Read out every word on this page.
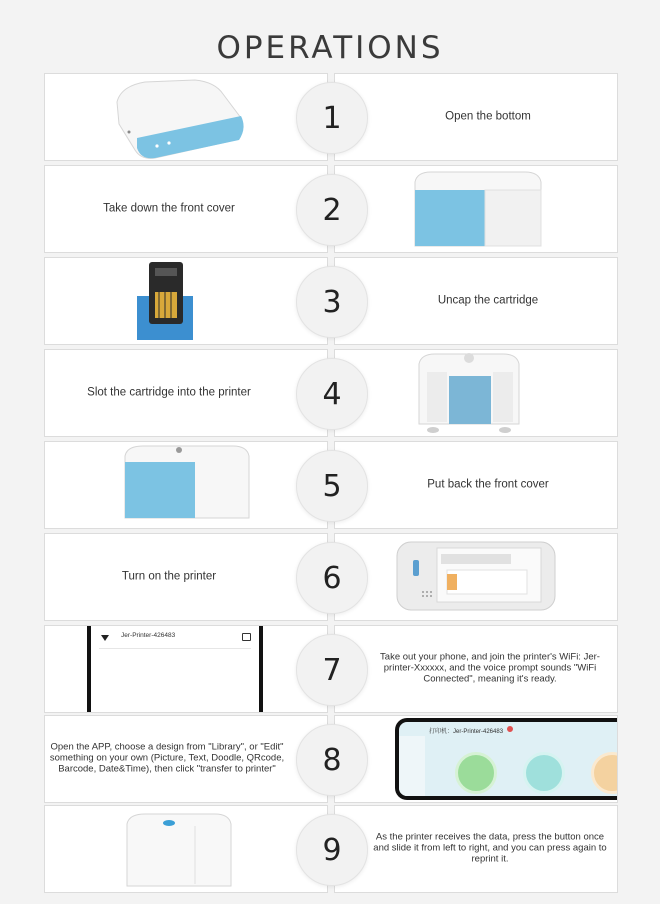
OPERATIONS
Open the bottom
1
Take down the front cover	2
Uncap the cartridge
3
Slot the cartridge into the printer	4
Put back the front cover
5
Turn on the printer	6
Jer-Printer-426483
Take out your phone, and join the printer's WiFi: Jer-printer-Xxxxxx, and the voice prompt sounds "WiFi Connected", meaning it's ready.
7
Open the APP, choose a design from "Library", or "Edit" something on your own (Picture, Text, Doodle, QRcode, Barcode, Date&Time), then click "transfer to printer"
打印机：Jer-Printer-426483
8
As the printer receives the data, press the button once and slide it from left to right, and you can press again to reprint it.
9
